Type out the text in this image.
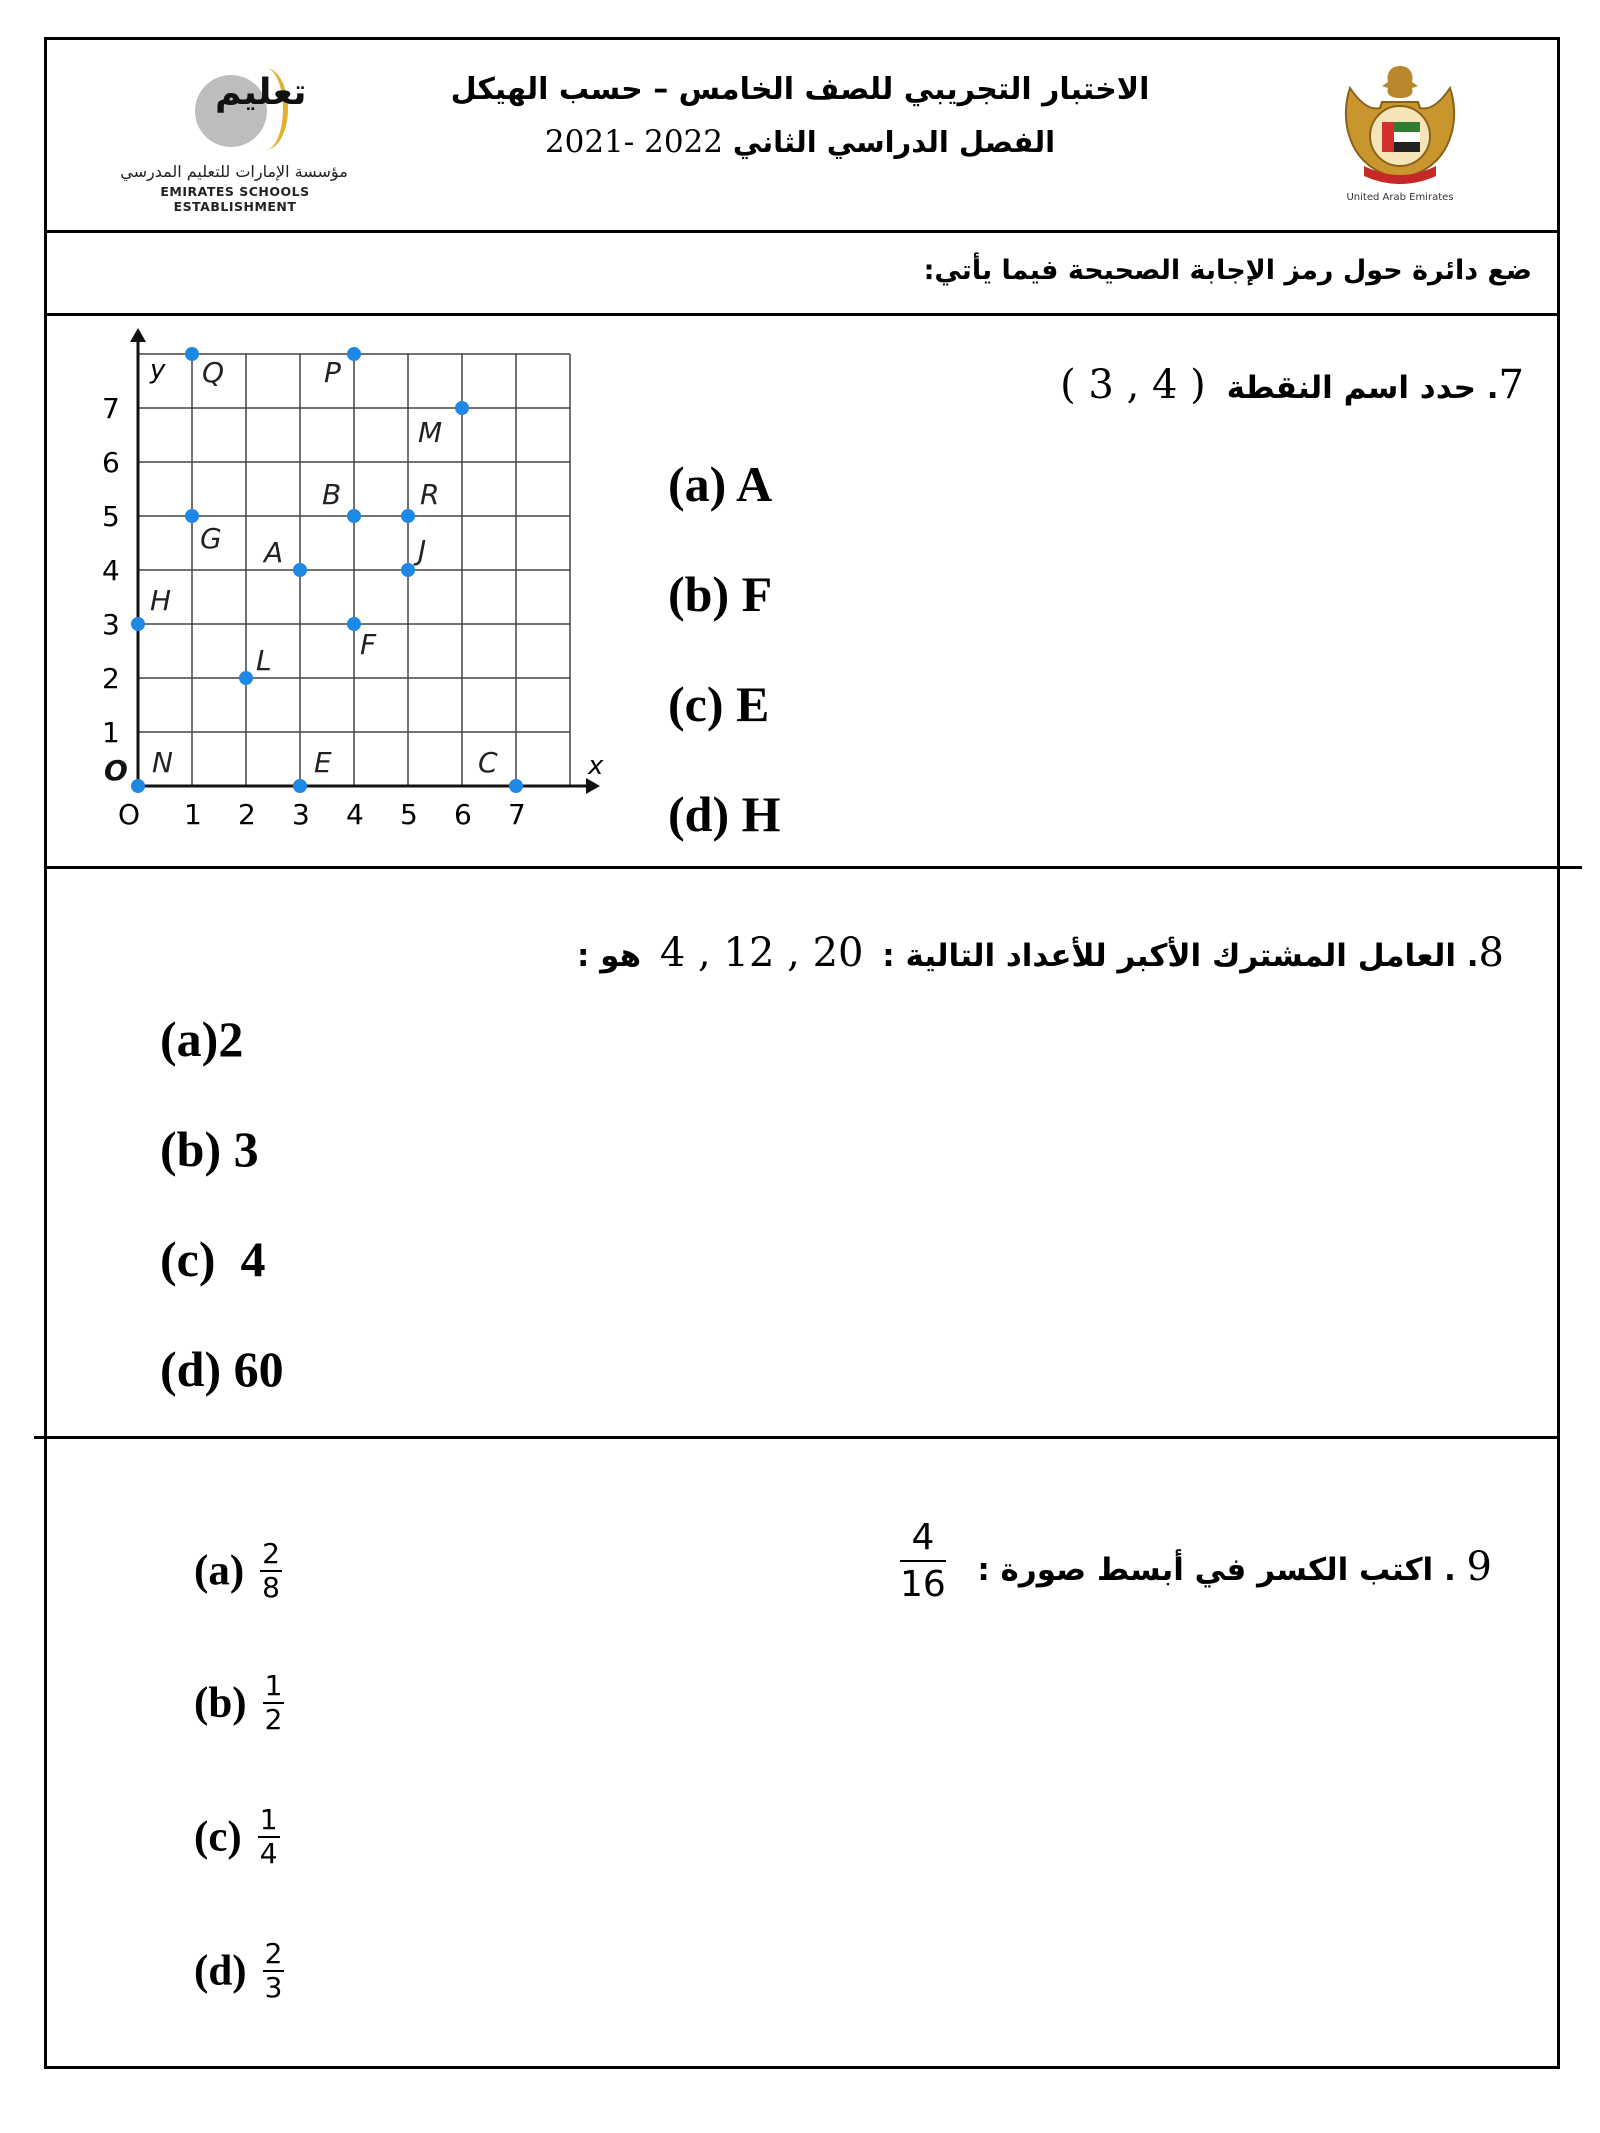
تعليم
مؤسسة الإمارات للتعليم المدرسي
EMIRATES SCHOOLS ESTABLISHMENT
الاختبار التجريبي للصف الخامس – حسب الهيكل
الفصل الدراسي الثاني 2021- 2022
United Arab Emirates
ضع دائرة حول رمز الإجابة الصحيحة فيما يأتي:
7. حدد اسم النقطة ( 3 , 4 )
x
y
O 1 2 3 4 5 6 7
1
2
3
4
5
6
7
O N
H
G
Q
L
A
E
B
F
P
R
J
M
C
(a) A
(b) F
(c) E
(d) H
8. العامل المشترك الأكبر للأعداد التالية : 20 , 12 , 4 هو :
(a)2
(b) 3
(c) 4
(d) 60
9 . اكتب الكسر في أبسط صورة :
$\frac{4}{16}$
$(a) \frac{2}{8}$
$(b) \frac{1}{2}$
$(c) \frac{1}{4}$
$(d) \frac{2}{3}$
